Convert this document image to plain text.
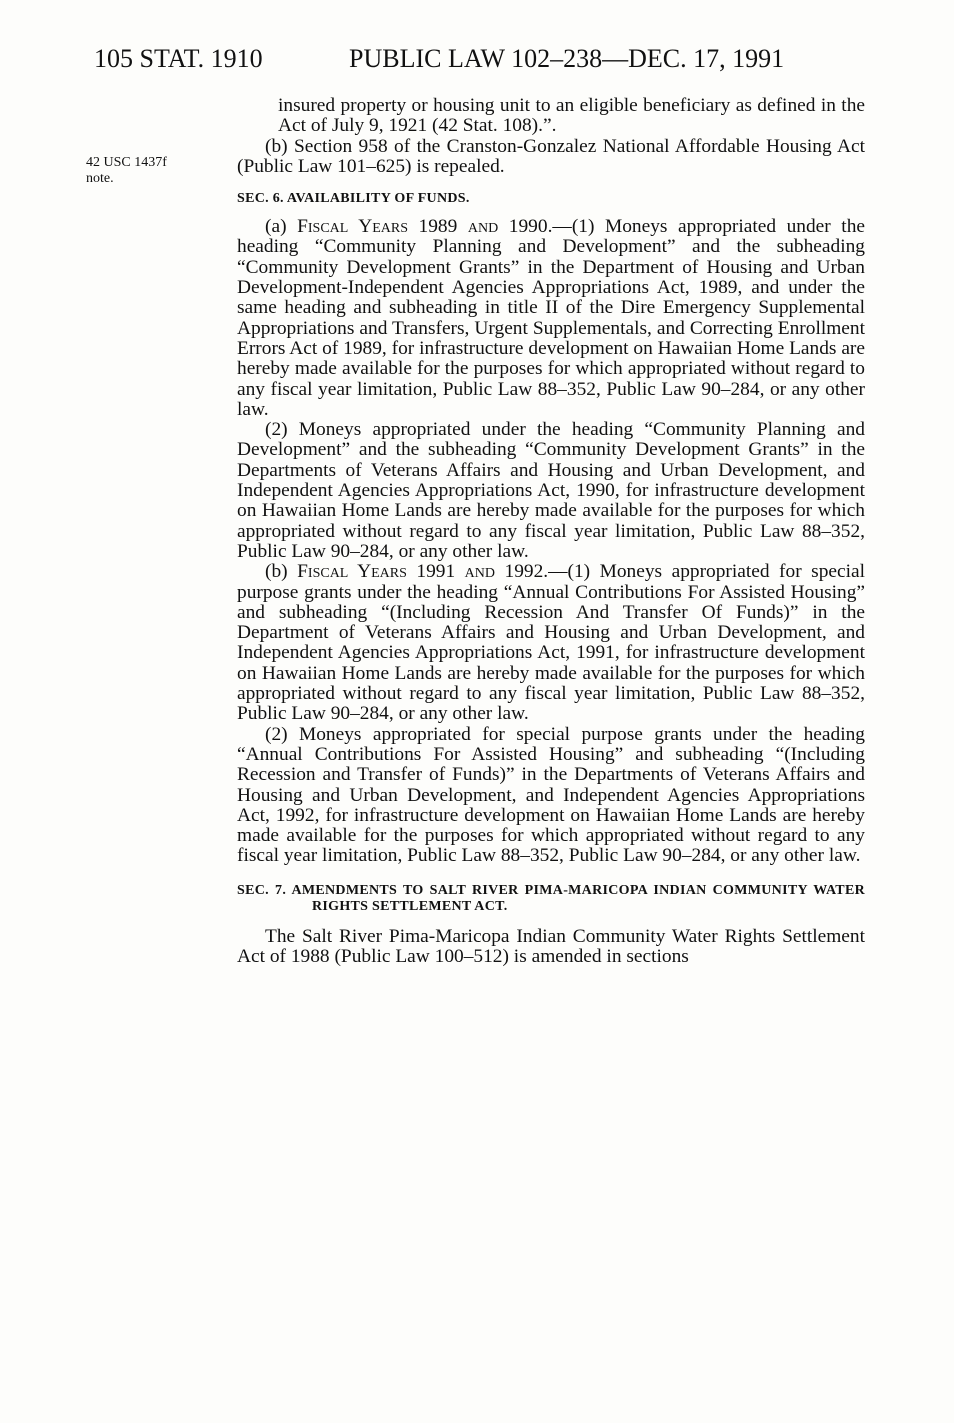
105 STAT. 1910	PUBLIC LAW 102–238—DEC. 17, 1991
42 USC 1437f
note.

insured property or housing unit to an eligible beneficiary as defined in the Act of July 9, 1921 (42 Stat. 108).”.

(b) Section 958 of the Cranston-Gonzalez National Affordable Housing Act (Public Law 101–625) is repealed.

SEC. 6. AVAILABILITY OF FUNDS.

(a) Fiscal Years 1989 and 1990.—(1) Moneys appropriated under the heading “Community Planning and Development” and the subheading “Community Development Grants” in the Department of Housing and Urban Development-Independent Agencies Appropriations Act, 1989, and under the same heading and subheading in title II of the Dire Emergency Supplemental Appropriations and Transfers, Urgent Supplementals, and Correcting Enrollment Errors Act of 1989, for infrastructure development on Hawaiian Home Lands are hereby made available for the purposes for which appropriated without regard to any fiscal year limitation, Public Law 88–352, Public Law 90–284, or any other law.

(2) Moneys appropriated under the heading “Community Planning and Development” and the subheading “Community Development Grants” in the Departments of Veterans Affairs and Housing and Urban Development, and Independent Agencies Appropriations Act, 1990, for infrastructure development on Hawaiian Home Lands are hereby made available for the purposes for which appropriated without regard to any fiscal year limitation, Public Law 88–352, Public Law 90–284, or any other law.

(b) Fiscal Years 1991 and 1992.—(1) Moneys appropriated for special purpose grants under the heading “Annual Contributions For Assisted Housing” and subheading “(Including Recession And Transfer Of Funds)” in the Department of Veterans Affairs and Housing and Urban Development, and Independent Agencies Appropriations Act, 1991, for infrastructure development on Hawaiian Home Lands are hereby made available for the purposes for which appropriated without regard to any fiscal year limitation, Public Law 88–352, Public Law 90–284, or any other law.

(2) Moneys appropriated for special purpose grants under the heading “Annual Contributions For Assisted Housing” and subheading “(Including Recession and Transfer of Funds)” in the Departments of Veterans Affairs and Housing and Urban Development, and Independent Agencies Appropriations Act, 1992, for infrastructure development on Hawaiian Home Lands are hereby made available for the purposes for which appropriated without regard to any fiscal year limitation, Public Law 88–352, Public Law 90–284, or any other law.

SEC. 7. AMENDMENTS TO SALT RIVER PIMA-MARICOPA INDIAN COMMUNITY WATER RIGHTS SETTLEMENT ACT.

The Salt River Pima-Maricopa Indian Community Water Rights Settlement Act of 1988 (Public Law 100–512) is amended in sections
